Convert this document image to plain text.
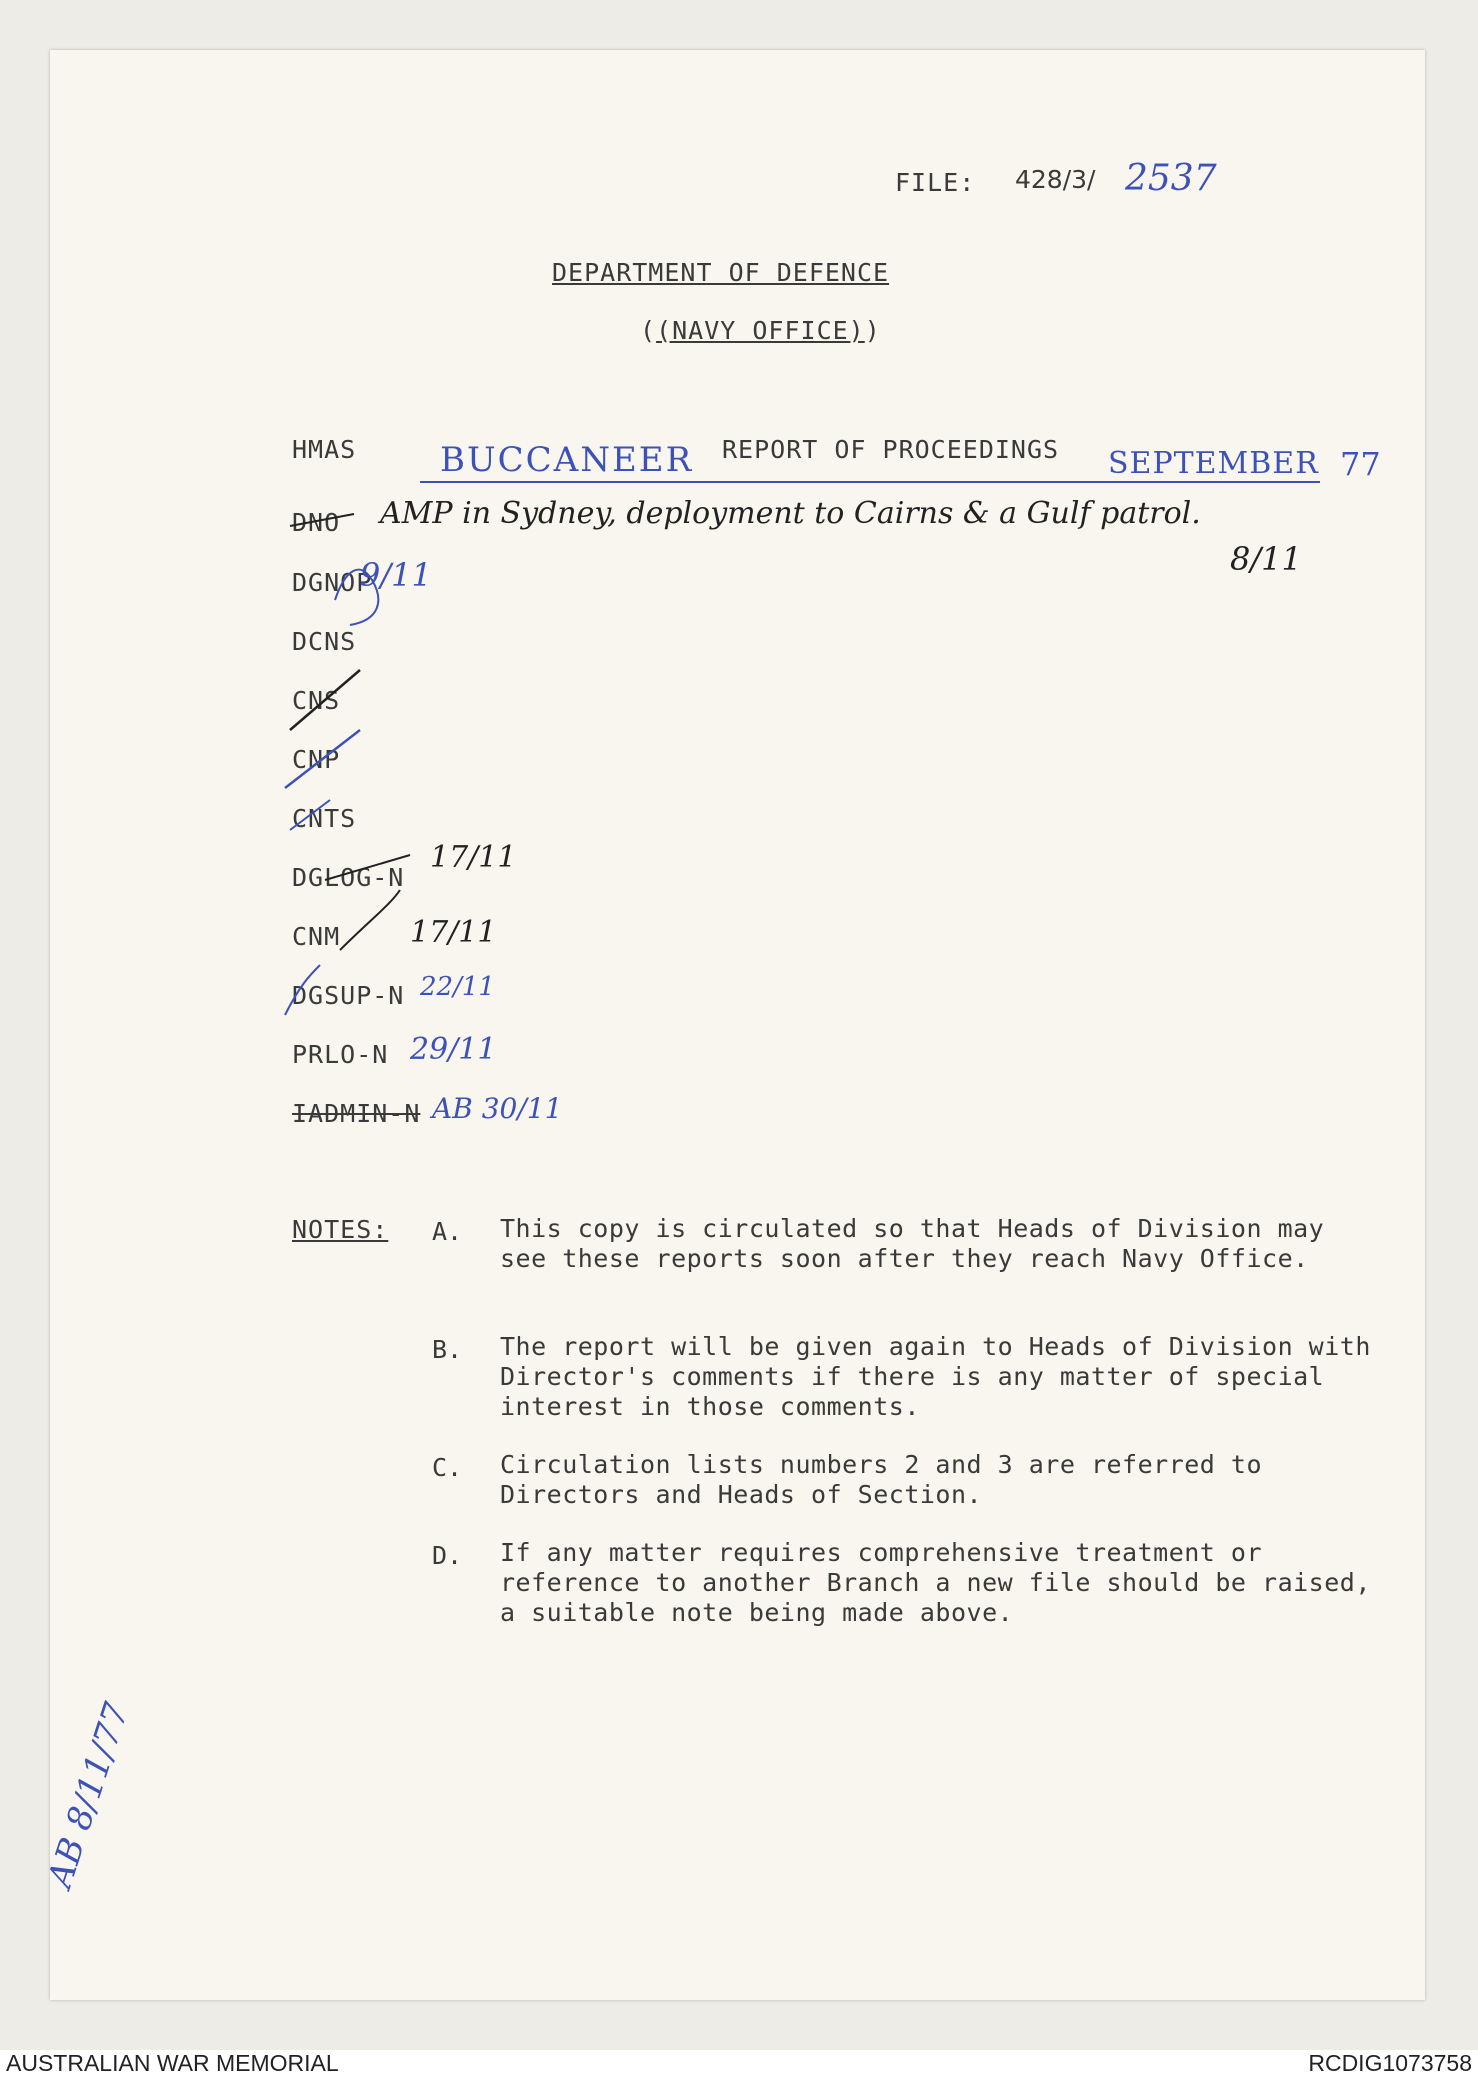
FILE: 428/3/ 2537
DEPARTMENT OF DEFENCE
((NAVY OFFICE))
HMAS BUCCANEER REPORT OF PROCEEDINGS SEPTEMBER 77
DNO AMP in Sydney, deployment to Cairns & a Gulf patrol.
8/11
DGNOP
9/11
DCNS
CNS
CNP
CNTS
DGLOG-N
17/11
CNM 17/11
DGSUP-N 22/11
PRLO-N 29/11
IADMIN-N AB 30/11
NOTES: A. This copy is circulated so that Heads of Division may see these reports soon after they reach Navy Office.
B. The report will be given again to Heads of Division with Director's comments if there is any matter of special interest in those comments.
C. Circulation lists numbers 2 and 3 are referred to Directors and Heads of Section.
D. If any matter requires comprehensive treatment or reference to another Branch a new file should be raised, a suitable note being made above.
AB 8/11/77
AUSTRALIAN WAR MEMORIAL	RCDIG1073758
